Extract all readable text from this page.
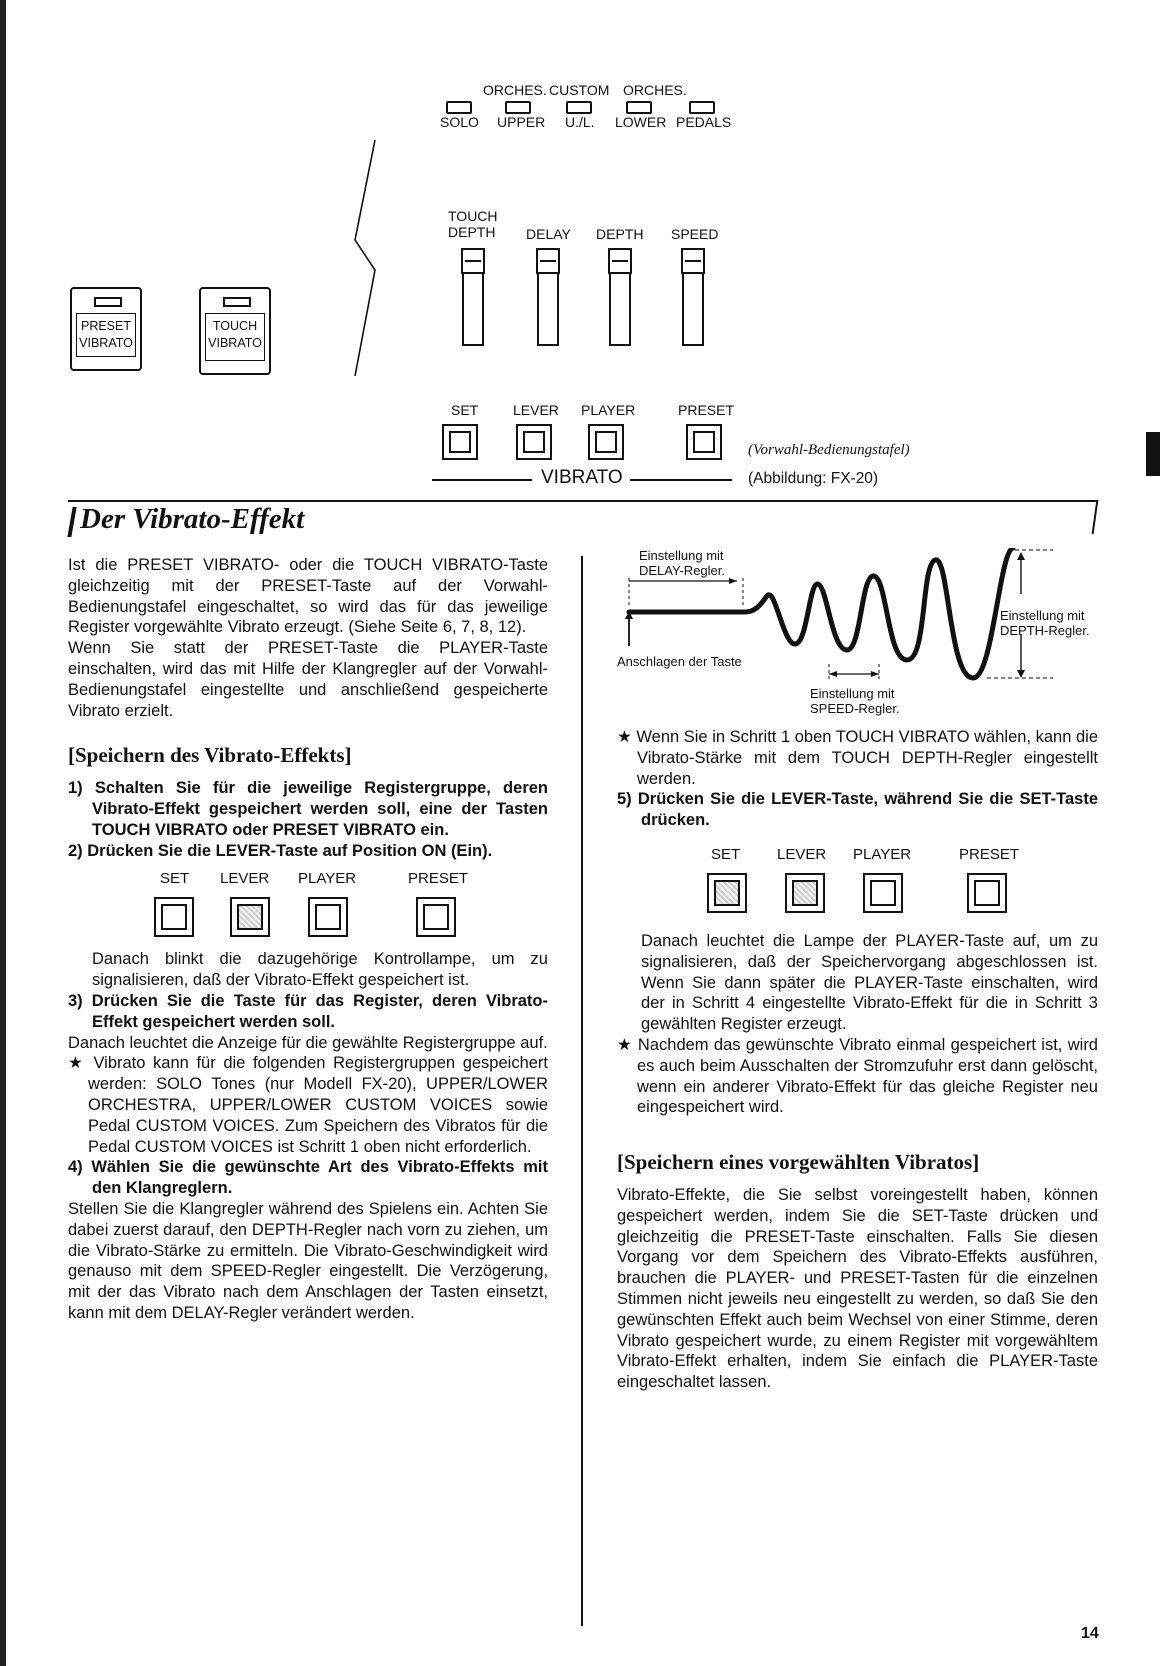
ORCHES. CUSTOM ORCHES.
SOLO UPPER U./L. LOWER PEDALS
PRESET
VIBRATO
TOUCH
VIBRATO
TOUCH
DEPTH DELAY DEPTH SPEED
SET LEVER PLAYER	PRESET
VIBRATO
(Vorwahl-Bedienungstafel)
(Abbildung: FX-20)
Der Vibrato-Effekt

Ist die PRESET VIBRATO- oder die TOUCH VIBRATO-Taste gleichzeitig mit der PRESET-Taste auf der Vorwahl-Bedienungstafel eingeschaltet, so wird das für das jeweilige Register vorgewählte Vibrato erzeugt. (Siehe Seite 6, 7, 8, 12).

Wenn Sie statt der PRESET-Taste die PLAYER-Taste einschalten, wird das mit Hilfe der Klangregler auf der Vorwahl-Bedienungstafel eingestellte und anschließend gespeicherte Vibrato erzielt.

[Speichern des Vibrato-Effekts]

1) Schalten Sie für die jeweilige Registergruppe, deren Vibrato-Effekt gespeichert werden soll, eine der Tasten TOUCH VIBRATO oder PRESET VIBRATO ein.

2) Drücken Sie die LEVER-Taste auf Position ON (Ein).

SET LEVER PLAYER	PRESET

Danach blinkt die dazugehörige Kontrollampe, um zu signalisieren, daß der Vibrato-Effekt gespeichert ist.

3) Drücken Sie die Taste für das Register, deren Vibrato-Effekt gespeichert werden soll.

Danach leuchtet die Anzeige für die gewählte Registergruppe auf.

★ Vibrato kann für die folgenden Registergruppen gespeichert werden: SOLO Tones (nur Modell FX-20), UPPER/LOWER ORCHESTRA, UPPER/LOWER CUSTOM VOICES sowie Pedal CUSTOM VOICES. Zum Speichern des Vibratos für die Pedal CUSTOM VOICES ist Schritt 1 oben nicht erforderlich.

4) Wählen Sie die gewünschte Art des Vibrato-Effekts mit den Klangreglern.

Stellen Sie die Klangregler während des Spielens ein. Achten Sie dabei zuerst darauf, den DEPTH-Regler nach vorn zu ziehen, um die Vibrato-Stärke zu ermitteln. Die Vibrato-Geschwindigkeit wird genauso mit dem SPEED-Regler eingestellt. Die Verzögerung, mit der das Vibrato nach dem Anschlagen der Tasten einsetzt, kann mit dem DELAY-Regler verändert werden.

Einstellung mit
DELAY-Regler.
Anschlagen der Taste
Einstellung mit
SPEED-Regler.
Einstellung mit
DEPTH-Regler.

★ Wenn Sie in Schritt 1 oben TOUCH VIBRATO wählen, kann die Vibrato-Stärke mit dem TOUCH DEPTH-Regler eingestellt werden.

5) Drücken Sie die LEVER-Taste, während Sie die SET-Taste drücken.

SET LEVER PLAYER	PRESET

Danach leuchtet die Lampe der PLAYER-Taste auf, um zu signalisieren, daß der Speichervorgang abgeschlossen ist. Wenn Sie dann später die PLAYER-Taste einschalten, wird der in Schritt 4 eingestellte Vibrato-Effekt für die in Schritt 3 gewählten Register erzeugt.

★ Nachdem das gewünschte Vibrato einmal gespeichert ist, wird es auch beim Ausschalten der Stromzufuhr erst dann gelöscht, wenn ein anderer Vibrato-Effekt für das gleiche Register neu eingespeichert wird.

[Speichern eines vorgewählten Vibratos]

Vibrato-Effekte, die Sie selbst voreingestellt haben, können gespeichert werden, indem Sie die SET-Taste drücken und gleichzeitig die PRESET-Taste einschalten. Falls Sie diesen Vorgang vor dem Speichern des Vibrato-Effekts ausführen, brauchen die PLAYER- und PRESET-Tasten für die einzelnen Stimmen nicht jeweils neu eingestellt zu werden, so daß Sie den gewünschten Effekt auch beim Wechsel von einer Stimme, deren Vibrato gespeichert wurde, zu einem Register mit vorgewähltem Vibrato-Effekt erhalten, indem Sie einfach die PLAYER-Taste eingeschaltet lassen.

14
